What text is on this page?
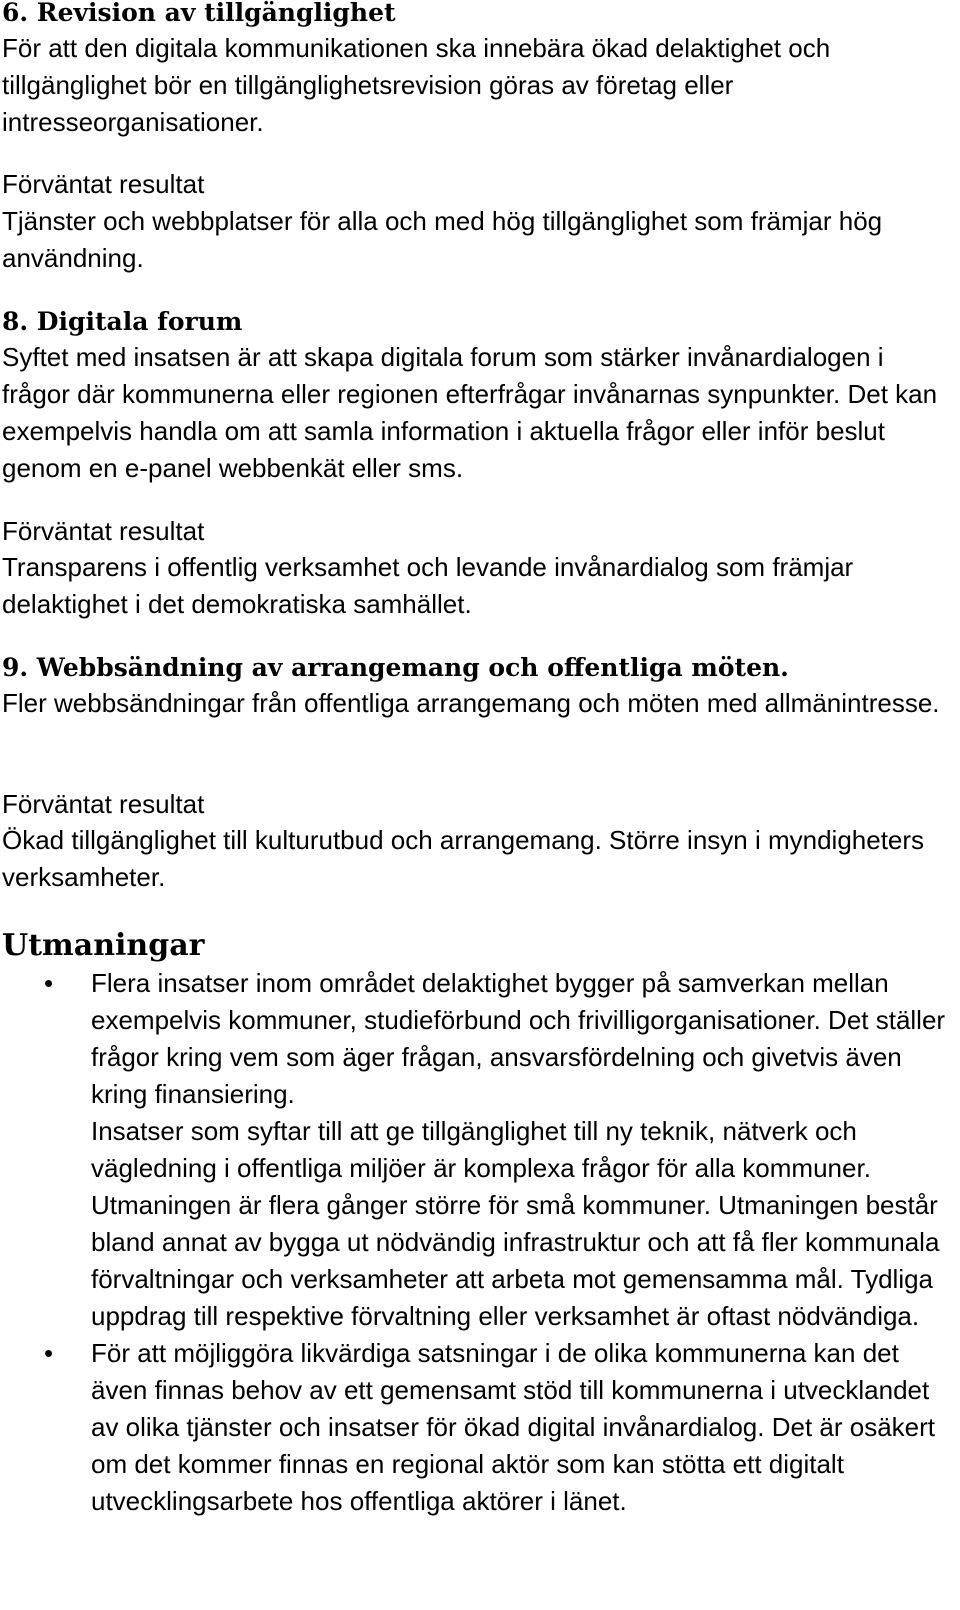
6. Revision av tillgänglighet
För att den digitala kommunikationen ska innebära ökad delaktighet och tillgänglighet bör en tillgänglighetsrevision göras av företag eller intresseorganisationer.
Förväntat resultat
Tjänster och webbplatser för alla och med hög tillgänglighet som främjar hög användning.
8. Digitala forum
Syftet med insatsen är att skapa digitala forum som stärker invånardialogen i frågor där kommunerna eller regionen efterfrågar invånarnas synpunkter. Det kan exempelvis handla om att samla information i aktuella frågor eller inför beslut genom en e-panel webbenkät eller sms.
Förväntat resultat
Transparens i offentlig verksamhet och levande invånardialog som främjar delaktighet i det demokratiska samhället.
9. Webbsändning av arrangemang och offentliga möten.
Fler webbsändningar från offentliga arrangemang och möten med allmänintresse.
Förväntat resultat
Ökad tillgänglighet till kulturutbud och arrangemang. Större insyn i myndigheters verksamheter.
Utmaningar
•	Flera insatser inom området delaktighet bygger på samverkan mellan exempelvis kommuner, studieförbund och frivilligorganisationer. Det ställer frågor kring vem som äger frågan, ansvarsfördelning och givetvis även kring finansiering.
Insatser som syftar till att ge tillgänglighet till ny teknik, nätverk och vägledning i offentliga miljöer är komplexa frågor för alla kommuner. Utmaningen är flera gånger större för små kommuner. Utmaningen består bland annat av bygga ut nödvändig infrastruktur och att få fler kommunala förvaltningar och verksamheter att arbeta mot gemensamma mål. Tydliga uppdrag till respektive förvaltning eller verksamhet är oftast nödvändiga.
•	För att möjliggöra likvärdiga satsningar i de olika kommunerna kan det även finnas behov av ett gemensamt stöd till kommunerna i utvecklandet av olika tjänster och insatser för ökad digital invånardialog. Det är osäkert om det kommer finnas en regional aktör som kan stötta ett digitalt utvecklingsarbete hos offentliga aktörer i länet.
